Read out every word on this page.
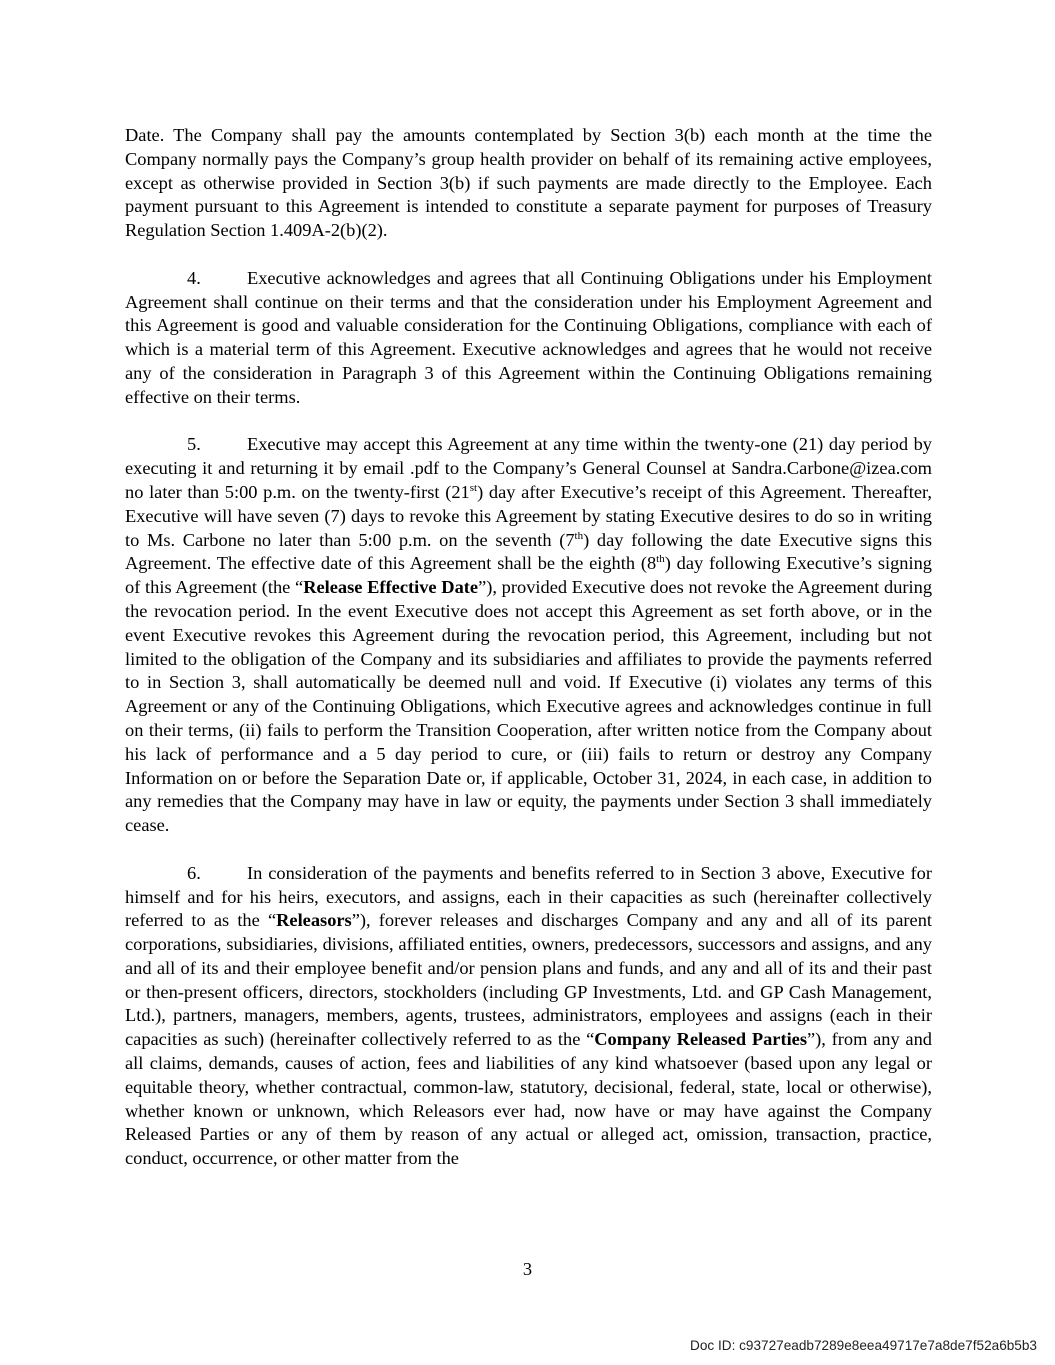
Date. The Company shall pay the amounts contemplated by Section 3(b) each month at the time the Company normally pays the Company’s group health provider on behalf of its remaining active employees, except as otherwise provided in Section 3(b) if such payments are made directly to the Employee. Each payment pursuant to this Agreement is intended to constitute a separate payment for purposes of Treasury Regulation Section 1.409A-2(b)(2).

4.	Executive acknowledges and agrees that all Continuing Obligations under his Employment Agreement shall continue on their terms and that the consideration under his Employment Agreement and this Agreement is good and valuable consideration for the Continuing Obligations, compliance with each of which is a material term of this Agreement. Executive acknowledges and agrees that he would not receive any of the consideration in Paragraph 3 of this Agreement within the Continuing Obligations remaining effective on their terms.

5.	Executive may accept this Agreement at any time within the twenty-one (21) day period by executing it and returning it by email .pdf to the Company’s General Counsel at Sandra.Carbone@izea.com no later than 5:00 p.m. on the twenty-first (21st) day after Executive’s receipt of this Agreement. Thereafter, Executive will have seven (7) days to revoke this Agreement by stating Executive desires to do so in writing to Ms. Carbone no later than 5:00 p.m. on the seventh (7th) day following the date Executive signs this Agreement. The effective date of this Agreement shall be the eighth (8th) day following Executive’s signing of this Agreement (the “Release Effective Date”), provided Executive does not revoke the Agreement during the revocation period. In the event Executive does not accept this Agreement as set forth above, or in the event Executive revokes this Agreement during the revocation period, this Agreement, including but not limited to the obligation of the Company and its subsidiaries and affiliates to provide the payments referred to in Section 3, shall automatically be deemed null and void. If Executive (i) violates any terms of this Agreement or any of the Continuing Obligations, which Executive agrees and acknowledges continue in full on their terms, (ii) fails to perform the Transition Cooperation, after written notice from the Company about his lack of performance and a 5 day period to cure, or (iii) fails to return or destroy any Company Information on or before the Separation Date or, if applicable, October 31, 2024, in each case, in addition to any remedies that the Company may have in law or equity, the payments under Section 3 shall immediately cease.

6.	In consideration of the payments and benefits referred to in Section 3 above, Executive for himself and for his heirs, executors, and assigns, each in their capacities as such (hereinafter collectively referred to as the “Releasors”), forever releases and discharges Company and any and all of its parent corporations, subsidiaries, divisions, affiliated entities, owners, predecessors, successors and assigns, and any and all of its and their employee benefit and/or pension plans and funds, and any and all of its and their past or then-present officers, directors, stockholders (including GP Investments, Ltd. and GP Cash Management, Ltd.), partners, managers, members, agents, trustees, administrators, employees and assigns (each in their capacities as such) (hereinafter collectively referred to as the “Company Released Parties”), from any and all claims, demands, causes of action, fees and liabilities of any kind whatsoever (based upon any legal or equitable theory, whether contractual, common-law, statutory, decisional, federal, state, local or otherwise), whether known or unknown, which Releasors ever had, now have or may have against the Company Released Parties or any of them by reason of any actual or alleged act, omission, transaction, practice, conduct, occurrence, or other matter from the

3
Doc ID: c93727eadb7289e8eea49717e7a8de7f52a6b5b3
